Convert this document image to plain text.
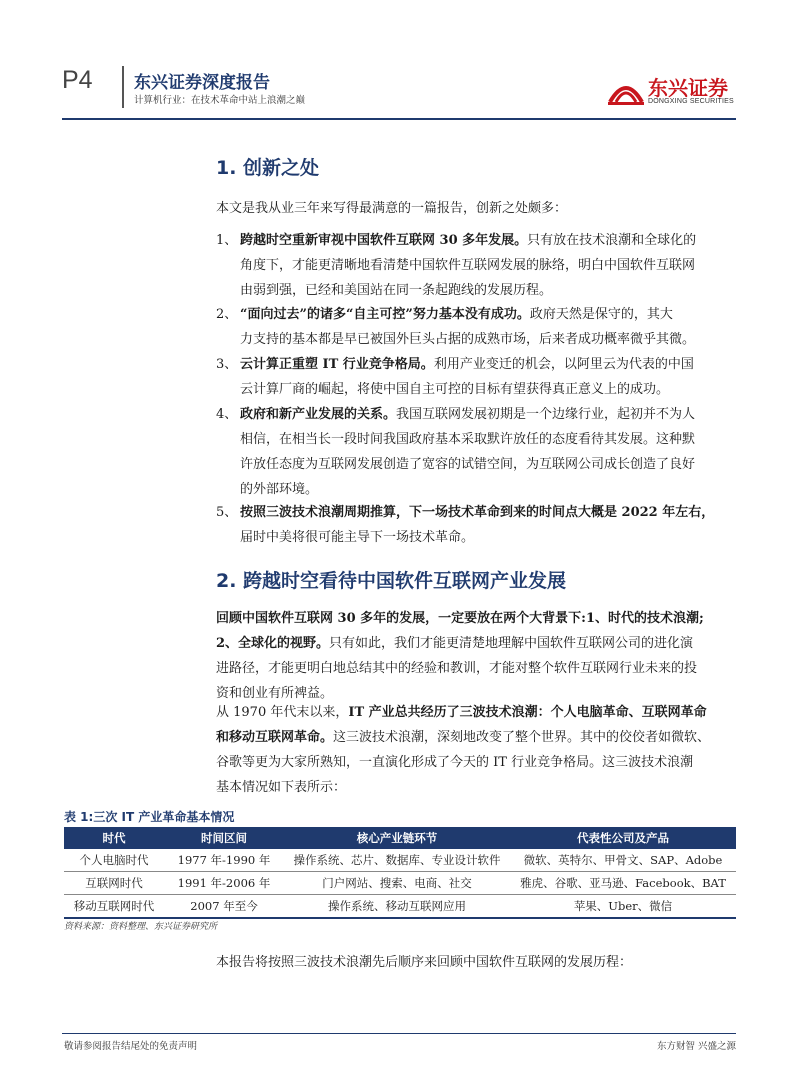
P4 东兴证券深度报告
计算机行业：在技术革命中站上浪潮之巅
东兴证券
DONGXING SECURITIES
1. 创新之处
本文是我从业三年来写得最满意的一篇报告，创新之处颇多：
1、 跨越时空重新审视中国软件互联网 30 多年发展。只有放在技术浪潮和全球化的
角度下，才能更清晰地看清楚中国软件互联网发展的脉络，明白中国软件互联网
由弱到强，已经和美国站在同一条起跑线的发展历程。
2、 “面向过去”的诸多“自主可控”努力基本没有成功。政府天然是保守的，其大
力支持的基本都是早已被国外巨头占据的成熟市场，后来者成功概率微乎其微。
3、 云计算正重塑 IT 行业竞争格局。利用产业变迁的机会，以阿里云为代表的中国
云计算厂商的崛起，将使中国自主可控的目标有望获得真正意义上的成功。
4、 政府和新产业发展的关系。我国互联网发展初期是一个边缘行业，起初并不为人
相信，在相当长一段时间我国政府基本采取默许放任的态度看待其发展。这种默
许放任态度为互联网发展创造了宽容的试错空间，为互联网公司成长创造了良好
的外部环境。
5、 按照三波技术浪潮周期推算，下一场技术革命到来的时间点大概是 2022 年左右，
届时中美将很可能主导下一场技术革命。
2. 跨越时空看待中国软件互联网产业发展
回顾中国软件互联网 30 多年的发展，一定要放在两个大背景下:1、时代的技术浪潮;
2、全球化的视野。只有如此，我们才能更清楚地理解中国软件互联网公司的进化演
进路径，才能更明白地总结其中的经验和教训，才能对整个软件互联网行业未来的投
资和创业有所裨益。
从 1970 年代末以来，IT 产业总共经历了三波技术浪潮：个人电脑革命、互联网革命
和移动互联网革命。这三波技术浪潮，深刻地改变了整个世界。其中的佼佼者如微软、
谷歌等更为大家所熟知，一直演化形成了今天的 IT 行业竞争格局。这三波技术浪潮
基本情况如下表所示：
表 1:三次 IT 产业革命基本情况
时代	时间区间	核心产业链环节	代表性公司及产品
个人电脑时代	1977 年-1990 年	操作系统、芯片、数据库、专业设计软件	微软、英特尔、甲骨文、SAP、Adobe
互联网时代	1991 年-2006 年	门户网站、搜索、电商、社交	雅虎、谷歌、亚马逊、Facebook、BAT
移动互联网时代	2007 年至今	操作系统、移动互联网应用	苹果、Uber、微信
资料来源：资料整理、东兴证券研究所
本报告将按照三波技术浪潮先后顺序来回顾中国软件互联网的发展历程：
敬请参阅报告结尾处的免责声明	东方财智 兴盛之源
